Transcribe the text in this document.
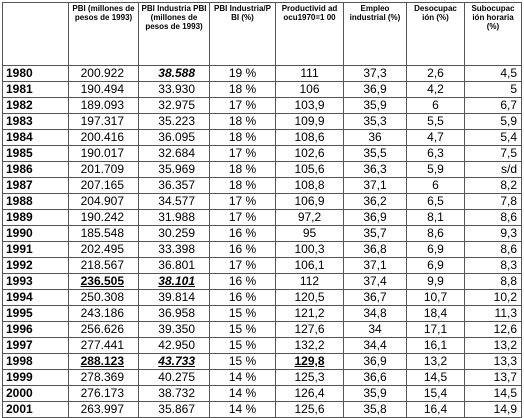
	PBI (millones de pesos de 1993)	PBI Industria PBI (millones de pesos de 1993)	PBI Industria/P BI (%)	Productivid ad ocu1970=1 00	Empleo industrial (%)	Desocupac ión (%)	Subocupac ión horaria (%)
1980	200.922	38.588	19 %	111	37,3	2,6	4,5
1981	190.494	33.930	18 %	106	36,9	4,2	5
1982	189.093	32.975	17 %	103,9	35,9	6	6,7
1983	197.317	35.223	18 %	109,9	35,3	5,5	5,9
1984	200.416	36.095	18 %	108,6	36	4,7	5,4
1985	190.017	32.684	17 %	102,6	35,5	6,3	7,5
1986	201.709	35.969	18 %	105,6	36,3	5,9	s/d
1987	207.165	36.357	18 %	108,8	37,1	6	8,2
1988	204.907	34.577	17 %	106,9	36,2	6,5	7,8
1989	190.242	31.988	17 %	97,2	36,9	8,1	8,6
1990	185.548	30.259	16 %	95	35,7	8,6	9,3
1991	202.495	33.398	16 %	100,3	36,8	6,9	8,6
1992	218.567	36.801	17 %	106,1	37,1	6,9	8,3
1993	236.505	38.101	16 %	112	37,4	9,9	8,8
1994	250.308	39.814	16 %	120,5	36,7	10,7	10,2
1995	243.186	36.958	15 %	121,2	34,8	18,4	11,3
1996	256.626	39.350	15 %	127,6	34	17,1	12,6
1997	277.441	42.950	15 %	132,2	34,4	16,1	13,2
1998	288.123	43.733	15 %	129,8	36,9	13,2	13,3
1999	278.369	40.275	14 %	125,3	36,6	14,5	13,7
2000	276.173	38.732	14 %	126,4	35,9	15,4	14,5
2001	263.997	35.867	14 %	125,6	35,8	16,4	14,9
